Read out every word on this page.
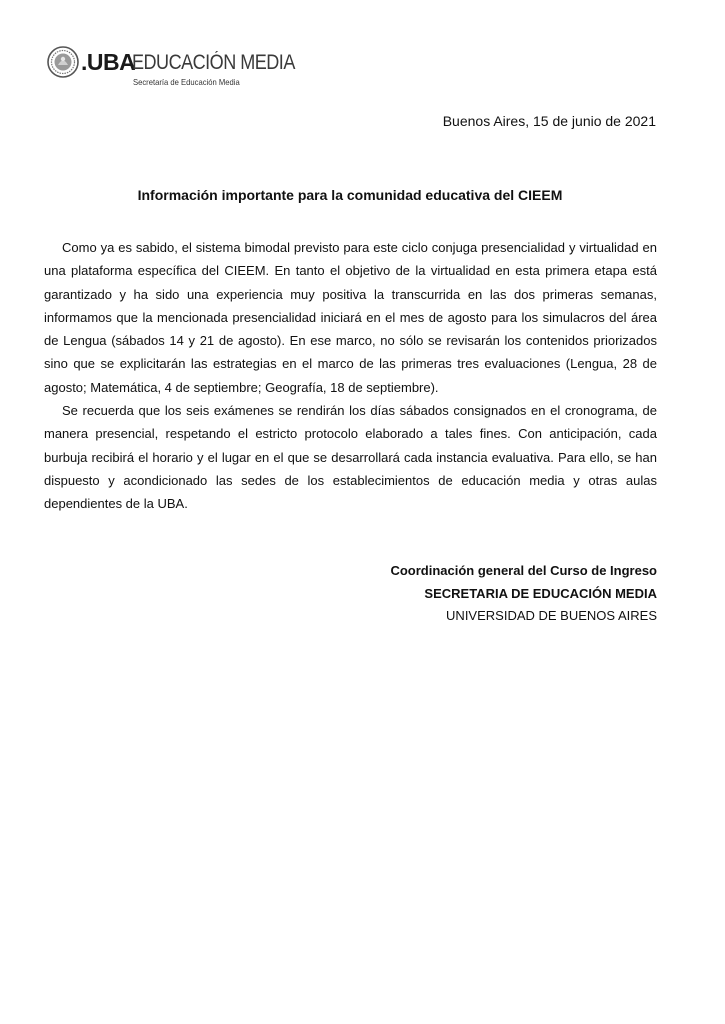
.UBA
EDUCACIÓN MEDIA
Secretaría de Educación Media
Buenos Aires, 15 de junio de 2021
Información importante para la comunidad educativa del CIEEM

Como ya es sabido, el sistema bimodal previsto para este ciclo conjuga presencialidad y virtualidad en una plataforma específica del CIEEM. En tanto el objetivo de la virtualidad en esta primera etapa está garantizado y ha sido una experiencia muy positiva la transcurrida en las dos primeras semanas, informamos que la mencionada presencialidad iniciará en el mes de agosto para los simulacros del área de Lengua (sábados 14 y 21 de agosto). En ese marco, no sólo se revisarán los contenidos priorizados sino que se explicitarán las estrategias en el marco de las primeras tres evaluaciones (Lengua, 28 de agosto; Matemática, 4 de septiembre; Geografía, 18 de septiembre).

Se recuerda que los seis exámenes se rendirán los días sábados consignados en el cronograma, de manera presencial, respetando el estricto protocolo elaborado a tales fines. Con anticipación, cada burbuja recibirá el horario y el lugar en el que se desarrollará cada instancia evaluativa. Para ello, se han dispuesto y acondicionado las sedes de los establecimientos de educación media y otras aulas dependientes de la UBA.

Coordinación general del Curso de Ingreso
SECRETARIA DE EDUCACIÓN MEDIA
UNIVERSIDAD DE BUENOS AIRES
